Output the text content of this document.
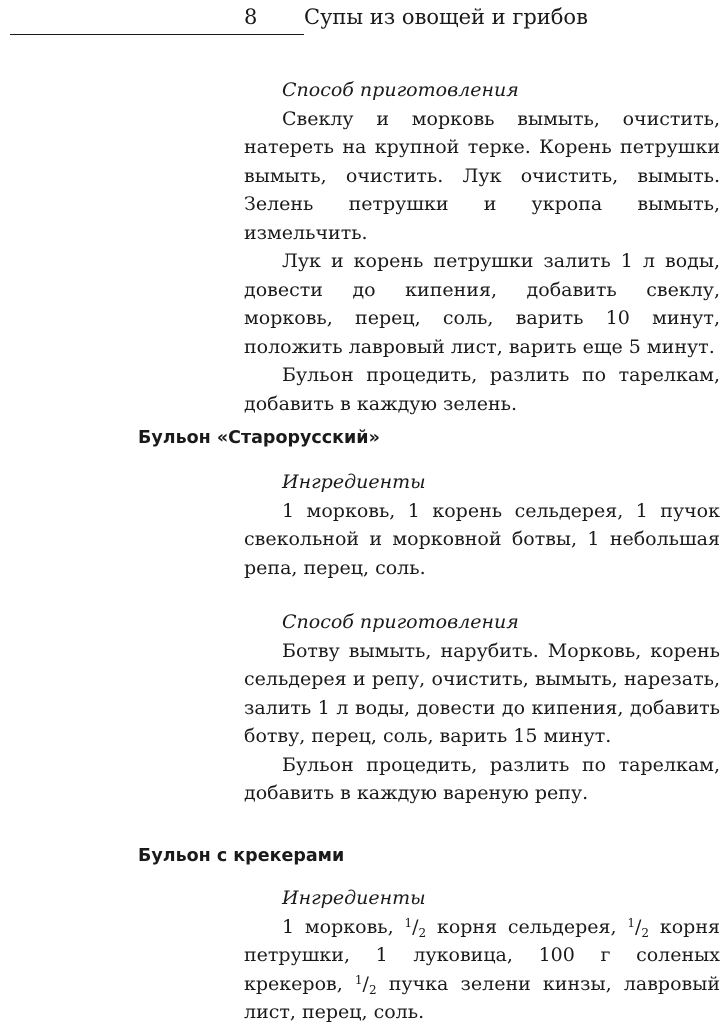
8 Супы из овощей и грибов

Способ приготовления

Свеклу и морковь вымыть, очистить, натереть на крупной терке. Корень петрушки вымыть, очистить. Лук очистить, вымыть. Зелень петрушки и укропа вымыть, измельчить.

Лук и корень петрушки залить 1 л воды, довести до кипения, добавить свеклу, морковь, перец, соль, варить 10 минут, положить лавровый лист, варить еще 5 минут.

Бульон процедить, разлить по тарелкам, добавить в каждую зелень.

Бульон «Старорусский»

Ингредиенты

1 морковь, 1 корень сельдерея, 1 пучок свекольной и морковной ботвы, 1 небольшая репа, перец, соль.

Способ приготовления

Ботву вымыть, нарубить. Морковь, корень сельдерея и репу, очистить, вымыть, нарезать, залить 1 л воды, довести до кипения, добавить ботву, перец, соль, варить 15 минут.

Бульон процедить, разлить по тарелкам, добавить в каждую вареную репу.

Бульон с крекерами

Ингредиенты

1 морковь, $^1/_2$ корня сельдерея, $^1/_2$ корня петрушки, 1 луковица, 100 г соленых крекеров, $^1/_2$ пучка зелени кинзы, лавровый лист, перец, соль.
